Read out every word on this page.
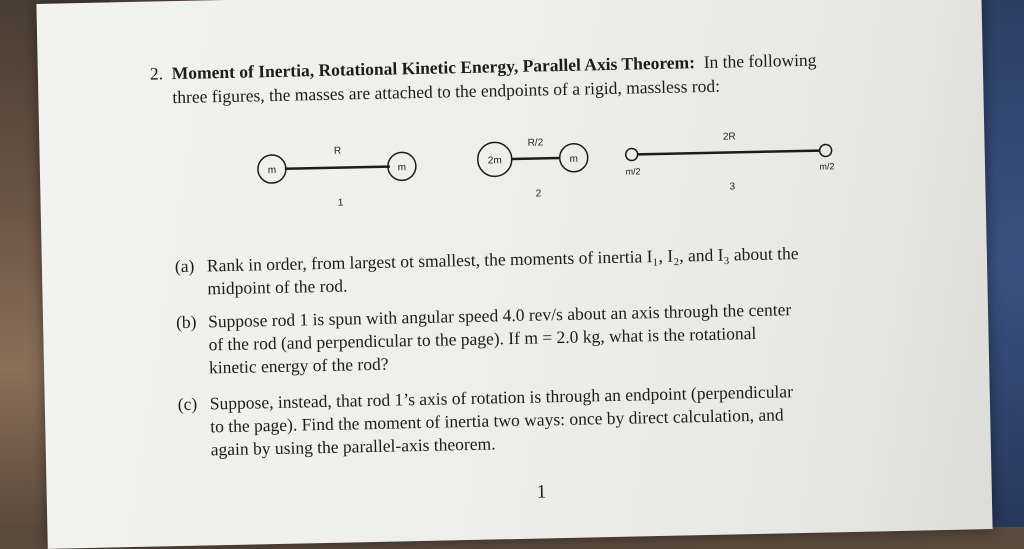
2. Moment of Inertia, Rotational Kinetic Energy, Parallel Axis Theorem: In the following
three figures, the masses are attached to the endpoints of a rigid, massless rod:
m	m
R
1
2m	m
R/2
2
m/2	m/2
2R
3
(a) Rank in order, from largest ot smallest, the moments of inertia I₁, I₂, and I₃ about the
midpoint of the rod.
(b) Suppose rod 1 is spun with angular speed 4.0 rev/s about an axis through the center
of the rod (and perpendicular to the page). If m = 2.0 kg, what is the rotational
kinetic energy of the rod?
(c) Suppose, instead, that rod 1’s axis of rotation is through an endpoint (perpendicular
to the page). Find the moment of inertia two ways: once by direct calculation, and
again by using the parallel-axis theorem.
1
